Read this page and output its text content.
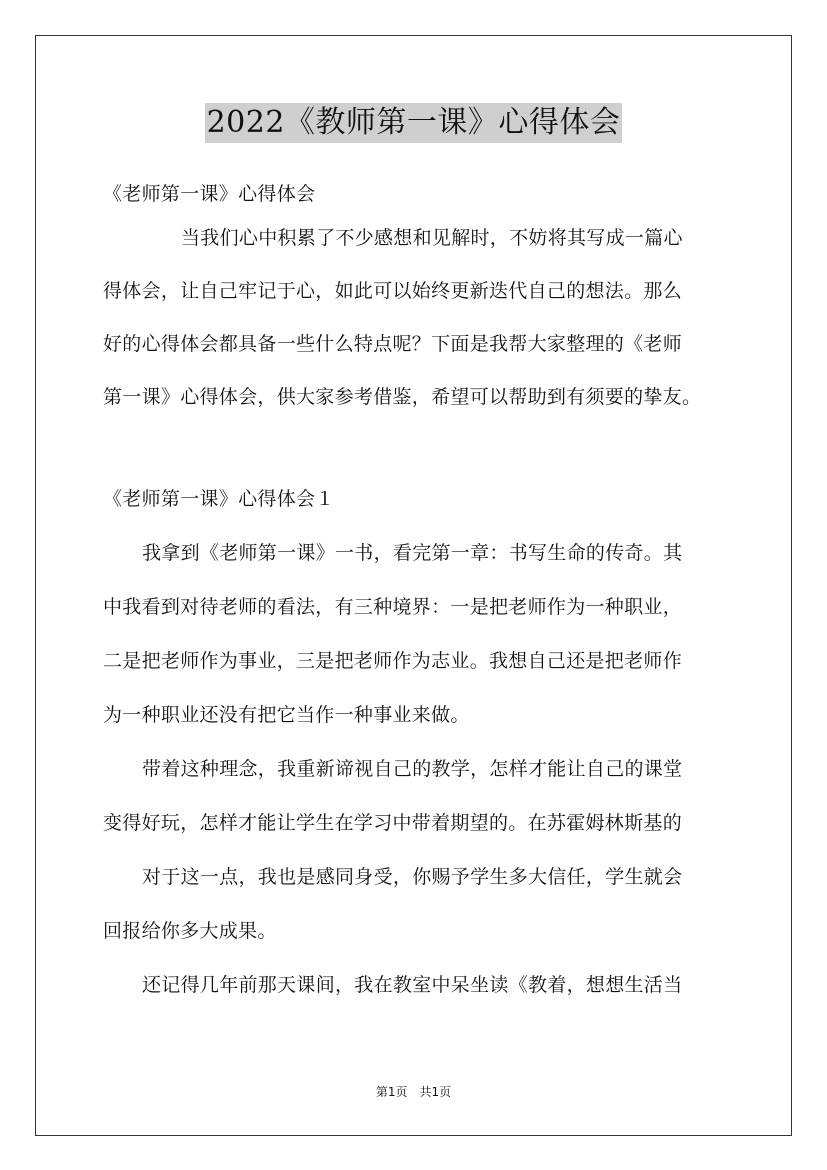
2022《教师第一课》心得体会
《老师第一课》心得体会
当我们心中积累了不少感想和见解时，不妨将其写成一篇心
得体会，让自己牢记于心，如此可以始终更新迭代自己的想法。那么
好的心得体会都具备一些什么特点呢？下面是我帮大家整理的《老师
第一课》心得体会，供大家参考借鉴，希望可以帮助到有须要的挚友。
《老师第一课》心得体会１
我拿到《老师第一课》一书，看完第一章：书写生命的传奇。其
中我看到对待老师的看法，有三种境界：一是把老师作为一种职业，
二是把老师作为事业，三是把老师作为志业。我想自己还是把老师作
为一种职业还没有把它当作一种事业来做。
带着这种理念，我重新谛视自己的教学，怎样才能让自己的课堂
变得好玩，怎样才能让学生在学习中带着期望的。在苏霍姆林斯基的
对于这一点，我也是感同身受，你赐予学生多大信任，学生就会
回报给你多大成果。
还记得几年前那天课间，我在教室中呆坐读《教着，想想生活当
第1页　共1页
